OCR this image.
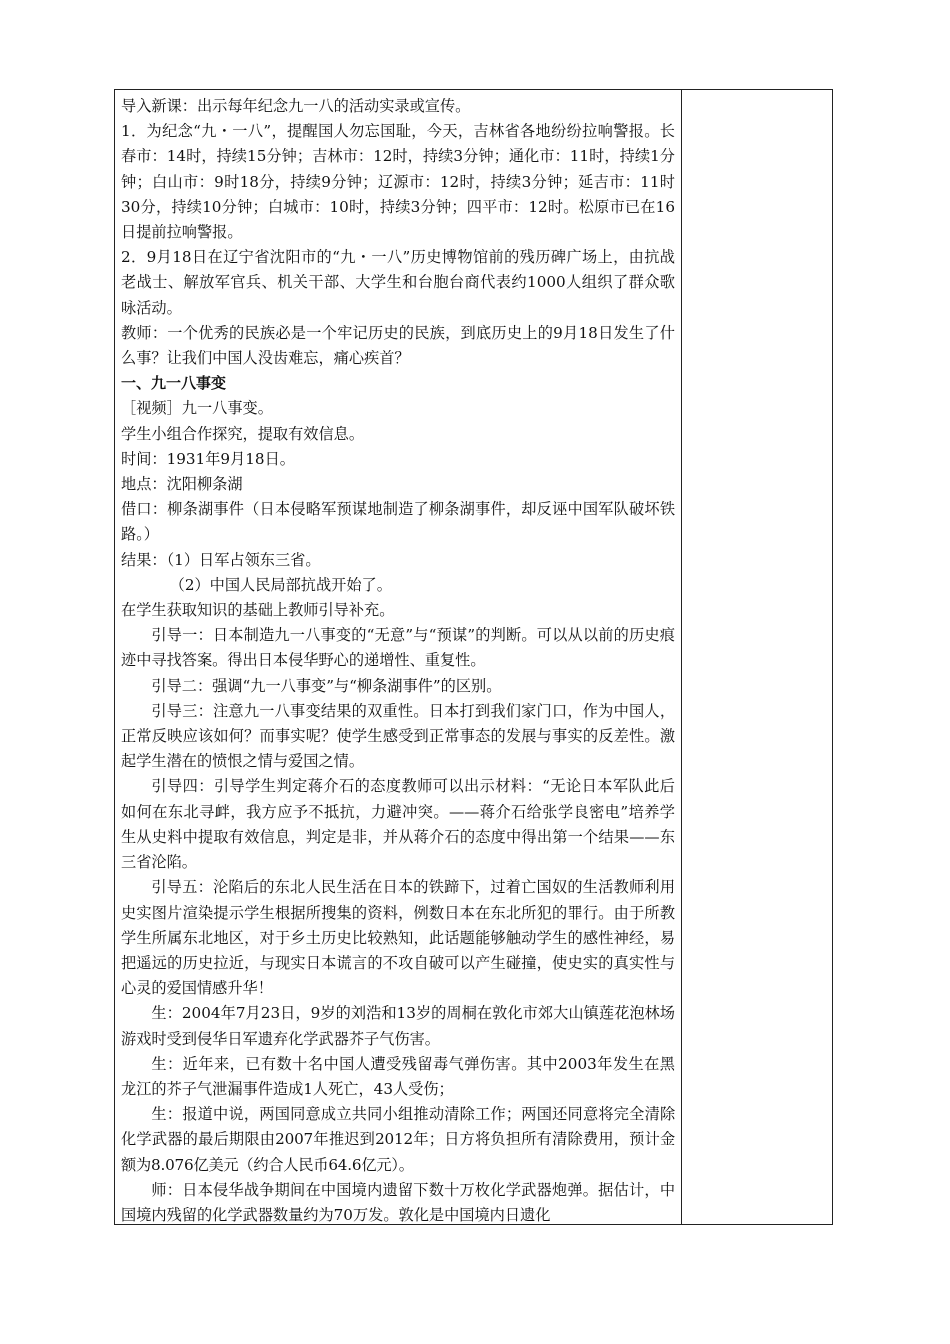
导入新课：出示每年纪念九一八的活动实录或宣传。

1．为纪念“九・一八”，提醒国人勿忘国耻，今天，吉林省各地纷纷拉响警报。长春市：14时，持续15分钟；吉林市：12时，持续3分钟；通化市：11时，持续1分钟；白山市：9时18分，持续9分钟；辽源市：12时，持续3分钟；延吉市：11时30分，持续10分钟；白城市：10时，持续3分钟；四平市：12时。松原市已在16日提前拉响警报。

2．9月18日在辽宁省沈阳市的“九・一八”历史博物馆前的残历碑广场上，由抗战老战士、解放军官兵、机关干部、大学生和台胞台商代表约1000人组织了群众歌咏活动。

教师：一个优秀的民族必是一个牢记历史的民族，到底历史上的9月18日发生了什么事？让我们中国人没齿难忘，痛心疾首？

一、九一八事变

［视频］九一八事变。

学生小组合作探究，提取有效信息。

时间：1931年9月18日。

地点：沈阳柳条湖

借口：柳条湖事件（日本侵略军预谋地制造了柳条湖事件，却反诬中国军队破坏铁路。）

结果：（1）日军占领东三省。

（2）中国人民局部抗战开始了。

在学生获取知识的基础上教师引导补充。

引导一：日本制造九一八事变的“无意”与“预谋”的判断。可以从以前的历史痕迹中寻找答案。得出日本侵华野心的递增性、重复性。

引导二：强调“九一八事变”与“柳条湖事件”的区别。

引导三：注意九一八事变结果的双重性。日本打到我们家门口，作为中国人，正常反映应该如何？而事实呢？使学生感受到正常事态的发展与事实的反差性。激起学生潜在的愤恨之情与爱国之情。

引导四：引导学生判定蒋介石的态度教师可以出示材料：“无论日本军队此后如何在东北寻衅，我方应予不抵抗，力避冲突。——蒋介石给张学良密电”培养学生从史料中提取有效信息，判定是非，并从蒋介石的态度中得出第一个结果——东三省沦陷。

引导五：沦陷后的东北人民生活在日本的铁蹄下，过着亡国奴的生活教师利用史实图片渲染提示学生根据所搜集的资料，例数日本在东北所犯的罪行。由于所教学生所属东北地区，对于乡土历史比较熟知，此话题能够触动学生的感性神经，易把遥远的历史拉近，与现实日本谎言的不攻自破可以产生碰撞，使史实的真实性与心灵的爱国情感升华！

生：2004年7月23日，9岁的刘浩和13岁的周桐在敦化市郊大山镇莲花泡林场游戏时受到侵华日军遗弃化学武器芥子气伤害。

生：近年来，已有数十名中国人遭受残留毒气弹伤害。其中2003年发生在黑龙江的芥子气泄漏事件造成1人死亡，43人受伤；

生：报道中说，两国同意成立共同小组推动清除工作；两国还同意将完全清除化学武器的最后期限由2007年推迟到2012年；日方将负担所有清除费用，预计金额为8.076亿美元（约合人民币64.6亿元）。

师：日本侵华战争期间在中国境内遗留下数十万枚化学武器炮弹。据估计，中国境内残留的化学武器数量约为70万发。敦化是中国境内日遗化
